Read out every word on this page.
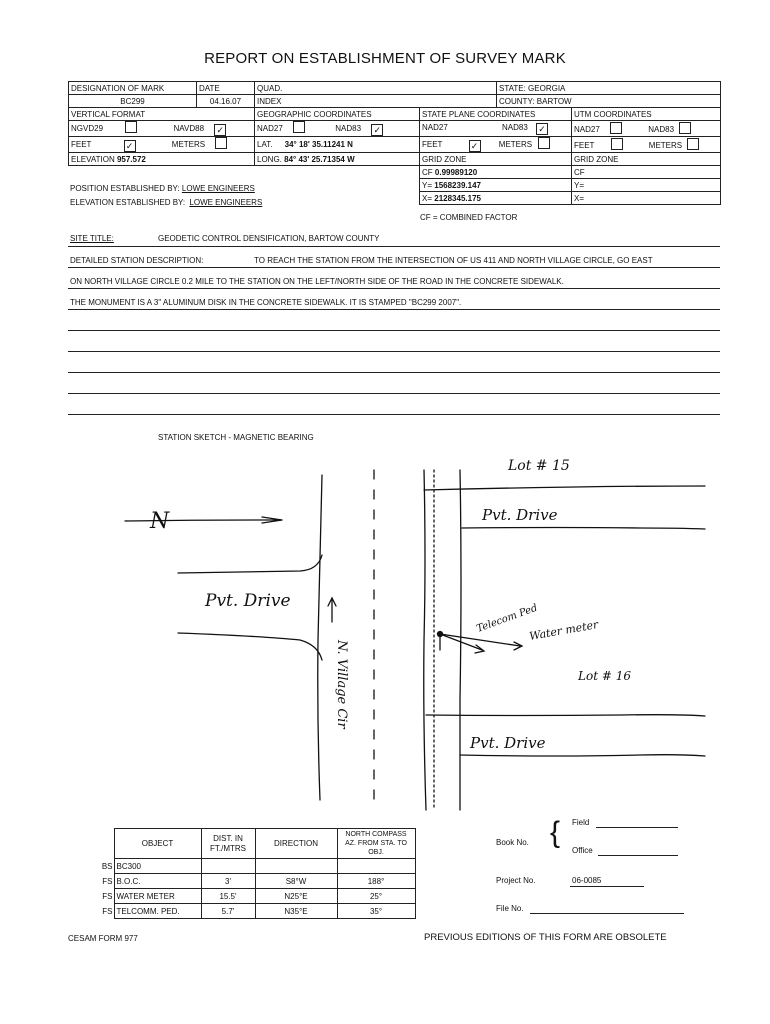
REPORT ON ESTABLISHMENT OF SURVEY MARK
DESIGNATION OF MARK	DATE	QUAD.		STATE: GEORGIA	
BC299	04.16.07	INDEX		COUNTY: BARTOW	
VERTICAL FORMAT		GEOGRAPHIC COORDINATES	STATE PLANE COORDINATES		UTM COORDINATES
NGVD29 NAVD88 ✓		NAD27 NAD83 ✓	NAD27 NAD83 ✓		NAD27 NAD83
FEET ✓ METERS		LAT. 34° 18' 35.11241 N	FEET ✓ METERS		FEET METERS
ELEVATION 957.572		LONG. 84° 43' 25.71354 W	GRID ZONE		GRID ZONE
			CF 0.99989120		CF
			Y= 1568239.147		Y=
			X= 2128345.175		X=
CF = COMBINED FACTOR
POSITION ESTABLISHED BY: LOWE ENGINEERS
ELEVATION ESTABLISHED BY: LOWE ENGINEERS
SITE TITLE:	GEODETIC CONTROL DENSIFICATION, BARTOW COUNTY
DETAILED STATION DESCRIPTION:	TO REACH THE STATION FROM THE INTERSECTION OF US 411 AND NORTH VILLAGE CIRCLE, GO EAST
ON NORTH VILLAGE CIRCLE 0.2 MILE TO THE STATION ON THE LEFT/NORTH SIDE OF THE ROAD IN THE CONCRETE SIDEWALK.
THE MONUMENT IS A 3" ALUMINUM DISK IN THE CONCRETE SIDEWALK. IT IS STAMPED "BC299 2007".
STATION SKETCH - MAGNETIC BEARING
N
Lot # 15
Pvt. Drive
Pvt. Drive
Pvt. Drive
Telecom Ped
Water meter
N. Village Cir	Lot # 16
	OBJECT	DIST. IN FT./MTRS	DIRECTION	NORTH COMPASS AZ. FROM STA. TO OBJ.
BS	BC300			
FS	B.O.C.	3'	S8°W	188°
FS	WATER METER	15.5'	N25°E	25°
FS	TELCOMM. PED.	5.7'	N35°E	35°
Book No. { Field
Office
Project No.	06-0085
File No.
CESAM FORM 977	PREVIOUS EDITIONS OF THIS FORM ARE OBSOLETE
